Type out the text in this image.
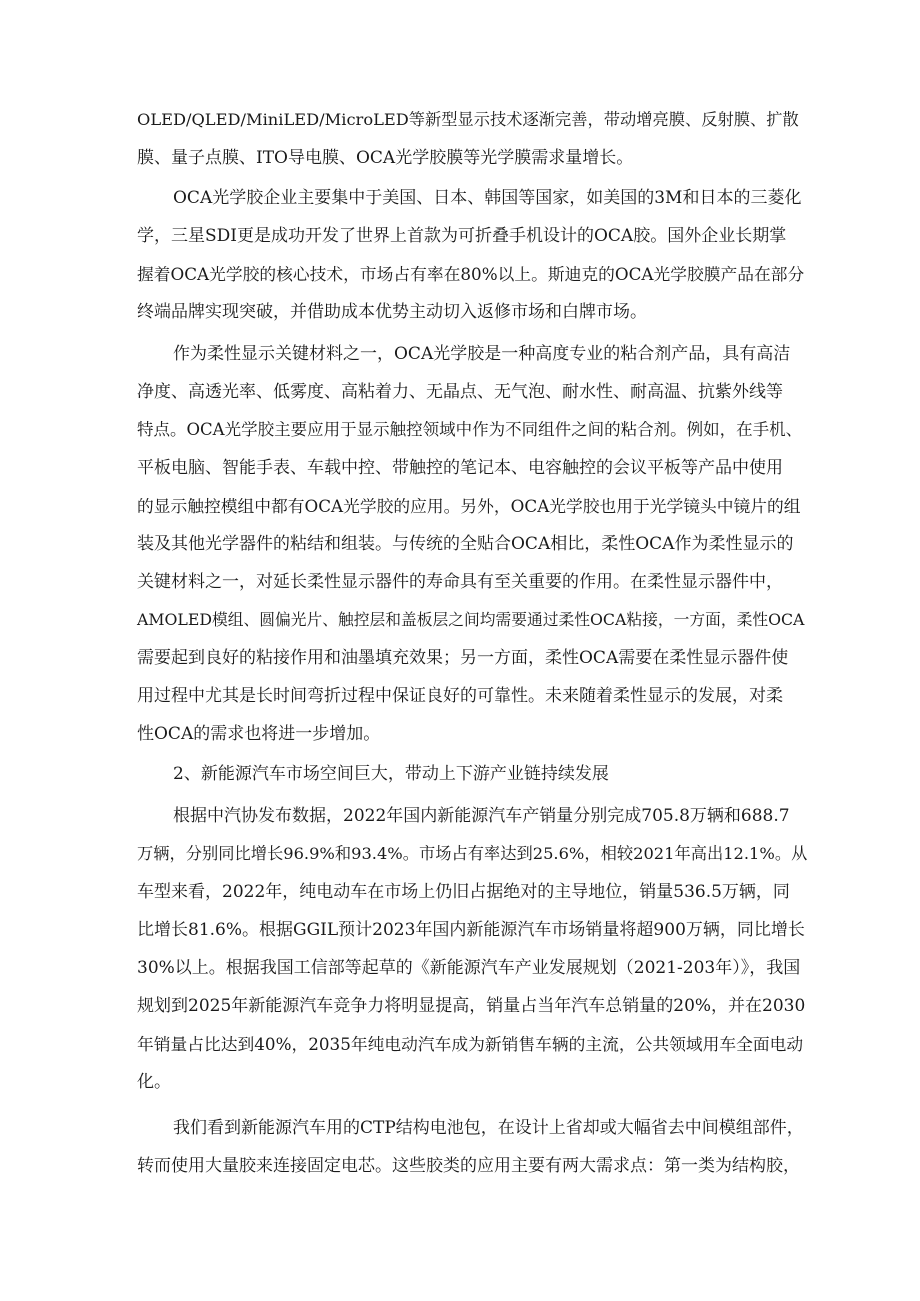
OLED/QLED/MiniLED/MicroLED等新型显示技术逐渐完善，带动增亮膜、反射膜、扩散
膜、量子点膜、ITO导电膜、OCA光学胶膜等光学膜需求量增长。
OCA光学胶企业主要集中于美国、日本、韩国等国家，如美国的3M和日本的三菱化
学，三星SDI更是成功开发了世界上首款为可折叠手机设计的OCA胶。国外企业长期掌
握着OCA光学胶的核心技术，市场占有率在80%以上。斯迪克的OCA光学胶膜产品在部分
终端品牌实现突破，并借助成本优势主动切入返修市场和白牌市场。
作为柔性显示关键材料之一，OCA光学胶是一种高度专业的粘合剂产品，具有高洁
净度、高透光率、低雾度、高粘着力、无晶点、无气泡、耐水性、耐高温、抗紫外线等
特点。OCA光学胶主要应用于显示触控领域中作为不同组件之间的粘合剂。例如，在手机、
平板电脑、智能手表、车载中控、带触控的笔记本、电容触控的会议平板等产品中使用
的显示触控模组中都有OCA光学胶的应用。另外，OCA光学胶也用于光学镜头中镜片的组
装及其他光学器件的粘结和组装。与传统的全贴合OCA相比，柔性OCA作为柔性显示的
关键材料之一，对延长柔性显示器件的寿命具有至关重要的作用。在柔性显示器件中，
AMOLED模组、圆偏光片、触控层和盖板层之间均需要通过柔性OCA粘接，一方面，柔性OCA
需要起到良好的粘接作用和油墨填充效果；另一方面，柔性OCA需要在柔性显示器件使
用过程中尤其是长时间弯折过程中保证良好的可靠性。未来随着柔性显示的发展，对柔
性OCA的需求也将进一步增加。
2、新能源汽车市场空间巨大，带动上下游产业链持续发展
根据中汽协发布数据，2022年国内新能源汽车产销量分别完成705.8万辆和688.7
万辆，分别同比增长96.9%和93.4%。市场占有率达到25.6%，相较2021年高出12.1%。从
车型来看，2022年，纯电动车在市场上仍旧占据绝对的主导地位，销量536.5万辆，同
比增长81.6%。根据GGIL预计2023年国内新能源汽车市场销量将超900万辆，同比增长
30%以上。根据我国工信部等起草的《新能源汽车产业发展规划（2021-203年）》，我国
规划到2025年新能源汽车竞争力将明显提高，销量占当年汽车总销量的20%，并在2030
年销量占比达到40%，2035年纯电动汽车成为新销售车辆的主流，公共领域用车全面电动
化。
我们看到新能源汽车用的CTP结构电池包，在设计上省却或大幅省去中间模组部件，
转而使用大量胶来连接固定电芯。这些胶类的应用主要有两大需求点：第一类为结构胶，
